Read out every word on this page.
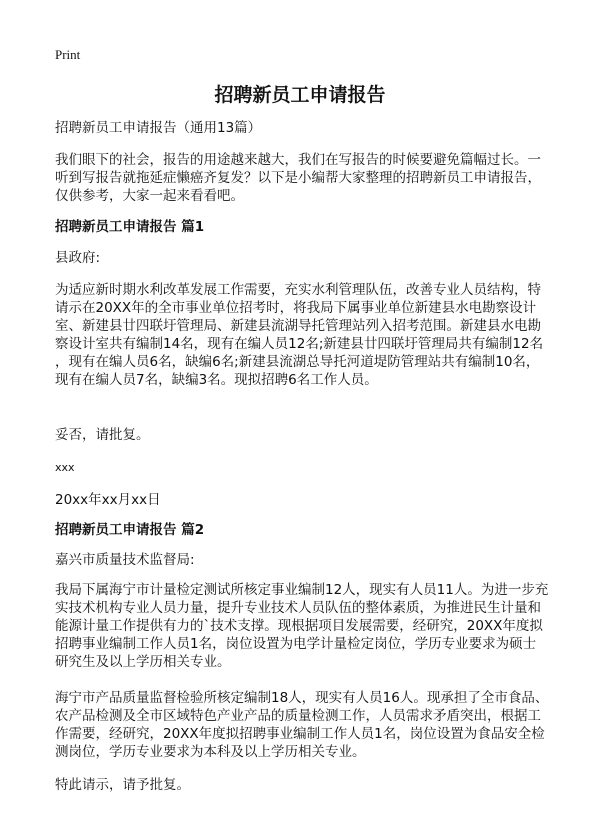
Print
招聘新员工申请报告
招聘新员工申请报告（通用13篇）
我们眼下的社会，报告的用途越来越大，我们在写报告的时候要避免篇幅过长。一
听到写报告就拖延症懒癌齐复发？以下是小编帮大家整理的招聘新员工申请报告，
仅供参考，大家一起来看看吧。
招聘新员工申请报告 篇1
县政府:
为适应新时期水利改革发展工作需要，充实水利管理队伍，改善专业人员结构，特
请示在20XX年的全市事业单位招考时，将我局下属事业单位新建县水电勘察设计
室、新建县廿四联圩管理局、新建县流湖导托管理站列入招考范围。新建县水电勘
察设计室共有编制14名，现有在编人员12名;新建县廿四联圩管理局共有编制12名
，现有在编人员6名，缺编6名;新建县流湖总导托河道堤防管理站共有编制10名，
现有在编人员7名，缺编3名。现拟招聘6名工作人员。
妥否，请批复。
xxx
20xx年xx月xx日
招聘新员工申请报告 篇2
嘉兴市质量技术监督局:
我局下属海宁市计量检定测试所核定事业编制12人，现实有人员11人。为进一步充
实技术机构专业人员力量，提升专业技术人员队伍的整体素质，为推进民生计量和
能源计量工作提供有力的`技术支撑。现根据项目发展需要，经研究，20XX年度拟
招聘事业编制工作人员1名，岗位设置为电学计量检定岗位，学历专业要求为硕士
研究生及以上学历相关专业。
海宁市产品质量监督检验所核定编制18人，现实有人员16人。现承担了全市食品、
农产品检测及全市区域特色产业产品的质量检测工作，人员需求矛盾突出，根据工
作需要，经研究，20XX年度拟招聘事业编制工作人员1名，岗位设置为食品安全检
测岗位，学历专业要求为本科及以上学历相关专业。
特此请示，请予批复。
